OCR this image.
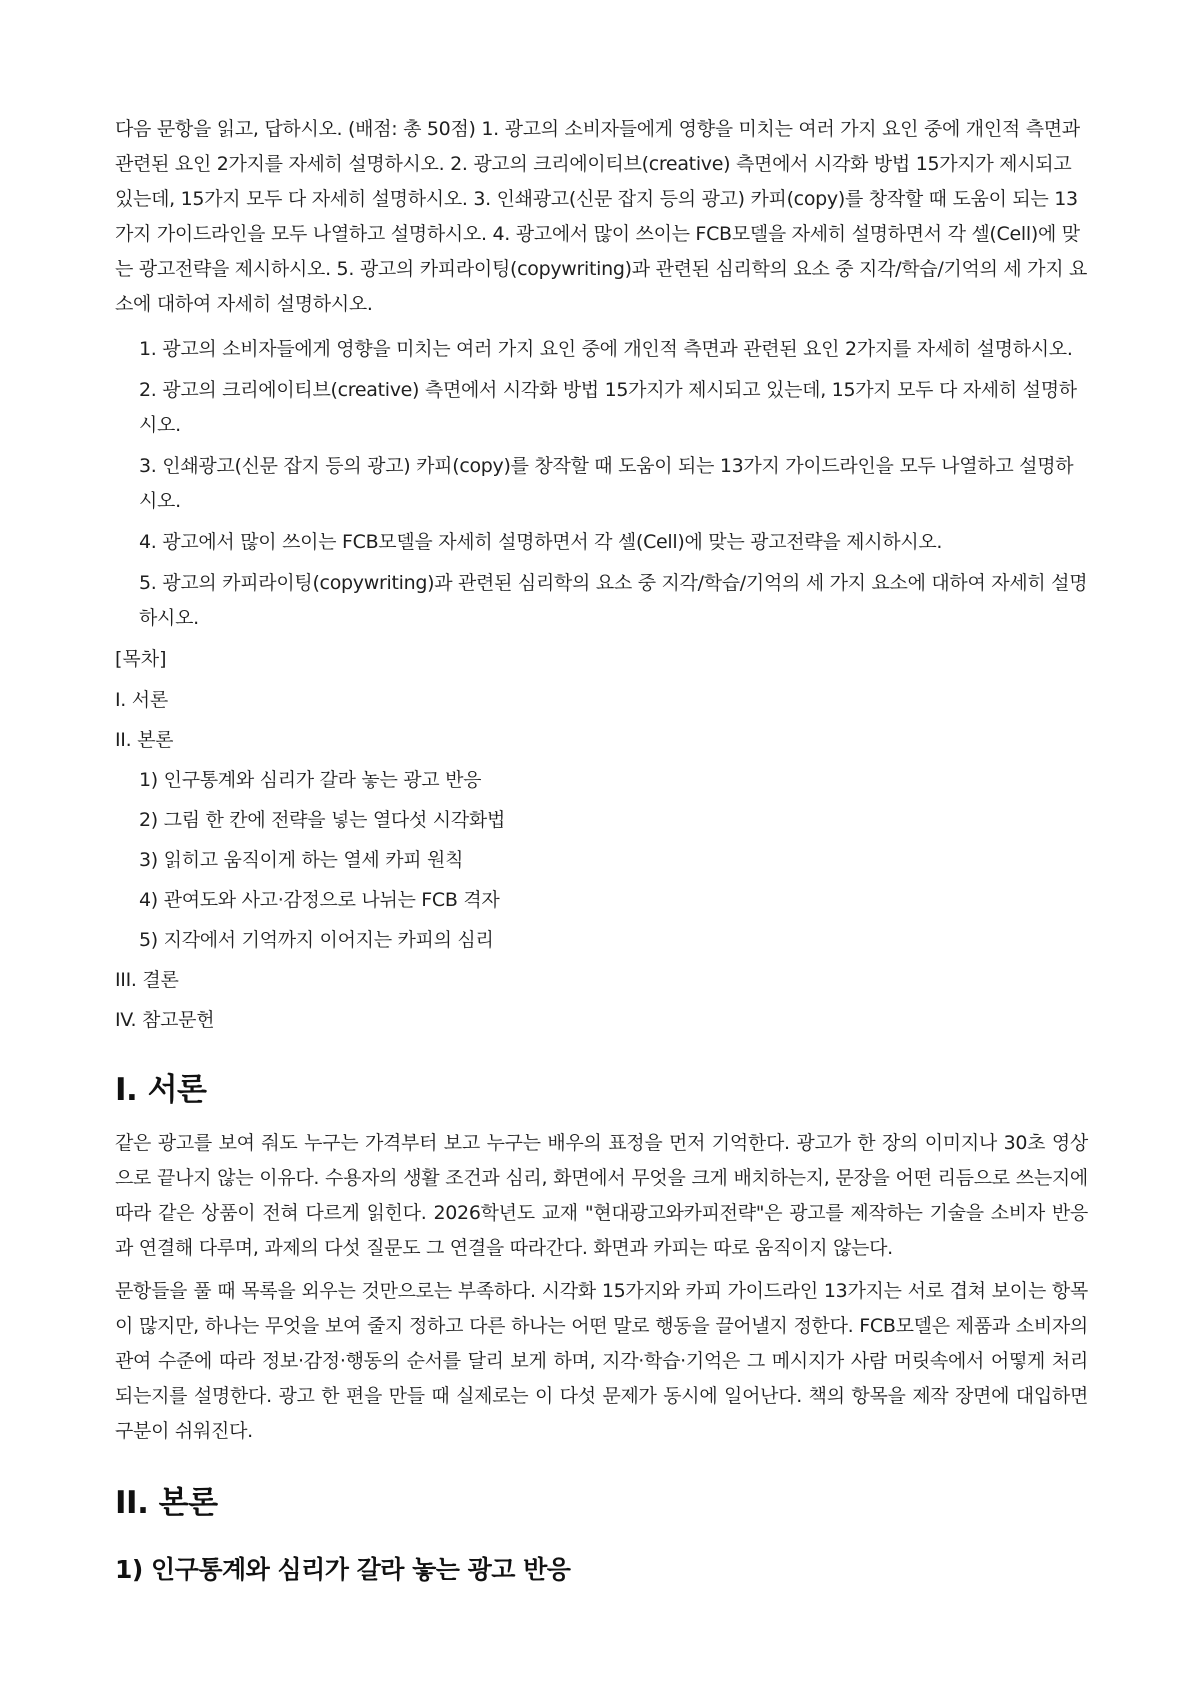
다음 문항을 읽고, 답하시오. (배점: 총 50점) 1. 광고의 소비자들에게 영향을 미치는 여러 가지 요인 중에 개인적 측면과 관련된 요인 2가지를 자세히 설명하시오. 2. 광고의 크리에이티브(creative) 측면에서 시각화 방법 15가지가 제시되고 있는데, 15가지 모두 다 자세히 설명하시오. 3. 인쇄광고(신문 잡지 등의 광고) 카피(copy)를 창작할 때 도움이 되는 13가지 가이드라인을 모두 나열하고 설명하시오. 4. 광고에서 많이 쓰이는 FCB모델을 자세히 설명하면서 각 셀(Cell)에 맞는 광고전략을 제시하시오. 5. 광고의 카피라이팅(copywriting)과 관련된 심리학의 요소 중 지각/학습/기억의 세 가지 요소에 대하여 자세히 설명하시오.

1. 광고의 소비자들에게 영향을 미치는 여러 가지 요인 중에 개인적 측면과 관련된 요인 2가지를 자세히 설명하시오.
2. 광고의 크리에이티브(creative) 측면에서 시각화 방법 15가지가 제시되고 있는데, 15가지 모두 다 자세히 설명하시오.
3. 인쇄광고(신문 잡지 등의 광고) 카피(copy)를 창작할 때 도움이 되는 13가지 가이드라인을 모두 나열하고 설명하시오.
4. 광고에서 많이 쓰이는 FCB모델을 자세히 설명하면서 각 셀(Cell)에 맞는 광고전략을 제시하시오.
5. 광고의 카피라이팅(copywriting)과 관련된 심리학의 요소 중 지각/학습/기억의 세 가지 요소에 대하여 자세히 설명하시오.
[목차]
I. 서론
II. 본론
1) 인구통계와 심리가 갈라 놓는 광고 반응
2) 그림 한 칸에 전략을 넣는 열다섯 시각화법
3) 읽히고 움직이게 하는 열세 카피 원칙
4) 관여도와 사고·감정으로 나뉘는 FCB 격자
5) 지각에서 기억까지 이어지는 카피의 심리
III. 결론
IV. 참고문헌
I. 서론

같은 광고를 보여 줘도 누구는 가격부터 보고 누구는 배우의 표정을 먼저 기억한다. 광고가 한 장의 이미지나 30초 영상으로 끝나지 않는 이유다. 수용자의 생활 조건과 심리, 화면에서 무엇을 크게 배치하는지, 문장을 어떤 리듬으로 쓰는지에 따라 같은 상품이 전혀 다르게 읽힌다. 2026학년도 교재 "현대광고와카피전략"은 광고를 제작하는 기술을 소비자 반응과 연결해 다루며, 과제의 다섯 질문도 그 연결을 따라간다. 화면과 카피는 따로 움직이지 않는다.

문항들을 풀 때 목록을 외우는 것만으로는 부족하다. 시각화 15가지와 카피 가이드라인 13가지는 서로 겹쳐 보이는 항목이 많지만, 하나는 무엇을 보여 줄지 정하고 다른 하나는 어떤 말로 행동을 끌어낼지 정한다. FCB모델은 제품과 소비자의 관여 수준에 따라 정보·감정·행동의 순서를 달리 보게 하며, 지각·학습·기억은 그 메시지가 사람 머릿속에서 어떻게 처리되는지를 설명한다. 광고 한 편을 만들 때 실제로는 이 다섯 문제가 동시에 일어난다. 책의 항목을 제작 장면에 대입하면 구분이 쉬워진다.

II. 본론
1) 인구통계와 심리가 갈라 놓는 광고 반응
